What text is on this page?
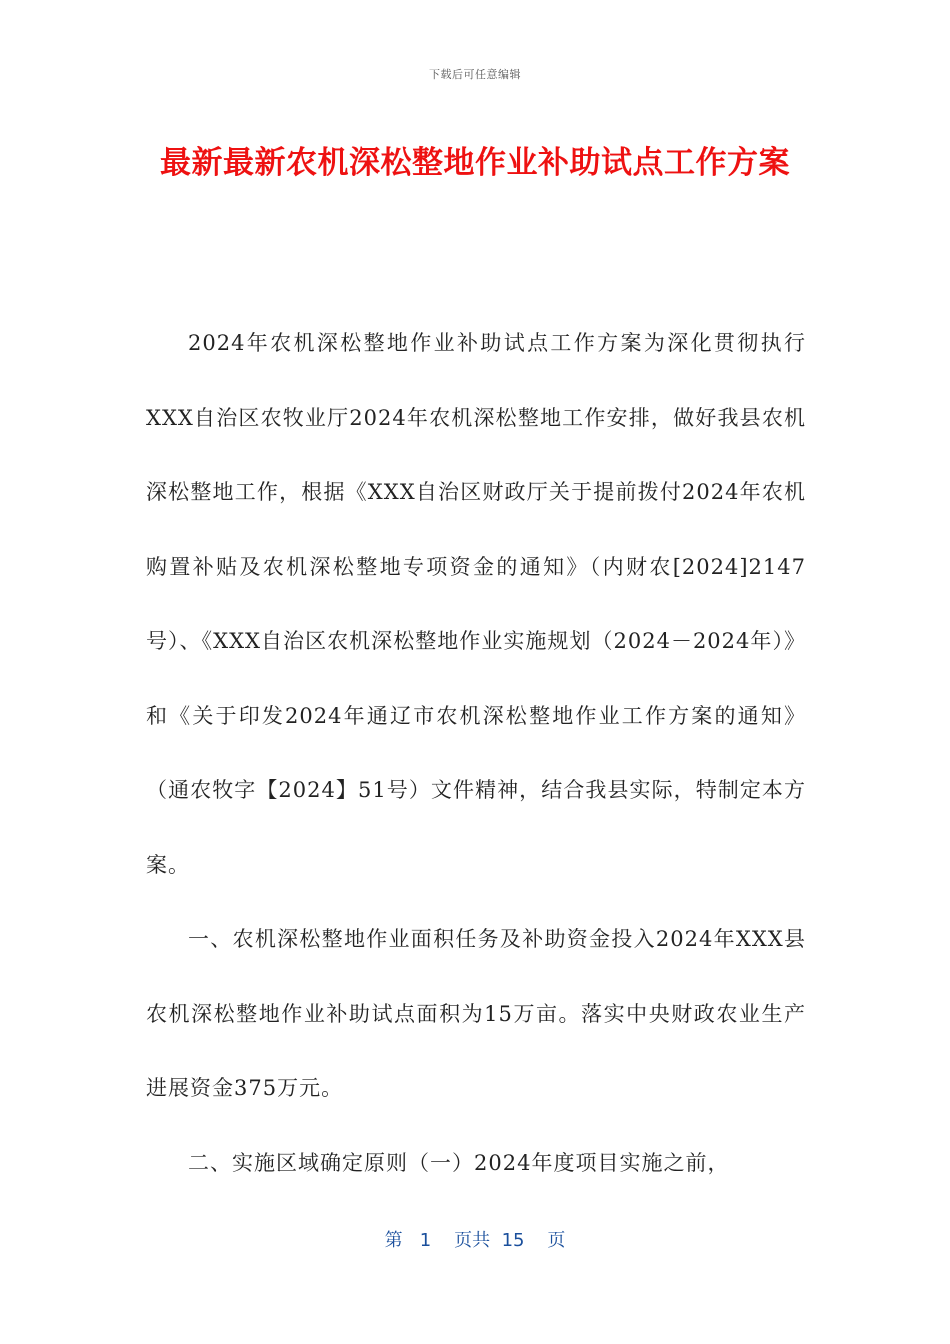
下载后可任意编辑
最新最新农机深松整地作业补助试点工作方案

2024年农机深松整地作业补助试点工作方案为深化贯彻执行XXX自治区农牧业厅2024年农机深松整地工作安排，做好我县农机深松整地工作，根据《XXX自治区财政厅关于提前拨付2024年农机购置补贴及农机深松整地专项资金的通知》（内财农[2024]2147号）、《XXX自治区农机深松整地作业实施规划（2024－2024年）》和《关于印发2024年通辽市农机深松整地作业工作方案的通知》（通农牧字【2024】51号）文件精神，结合我县实际，特制定本方案。

一、农机深松整地作业面积任务及补助资金投入2024年XXX县农机深松整地作业补助试点面积为15万亩。落实中央财政农业生产进展资金375万元。

二、实施区域确定原则（一）2024年度项目实施之前，

第 1 页共 15 页
